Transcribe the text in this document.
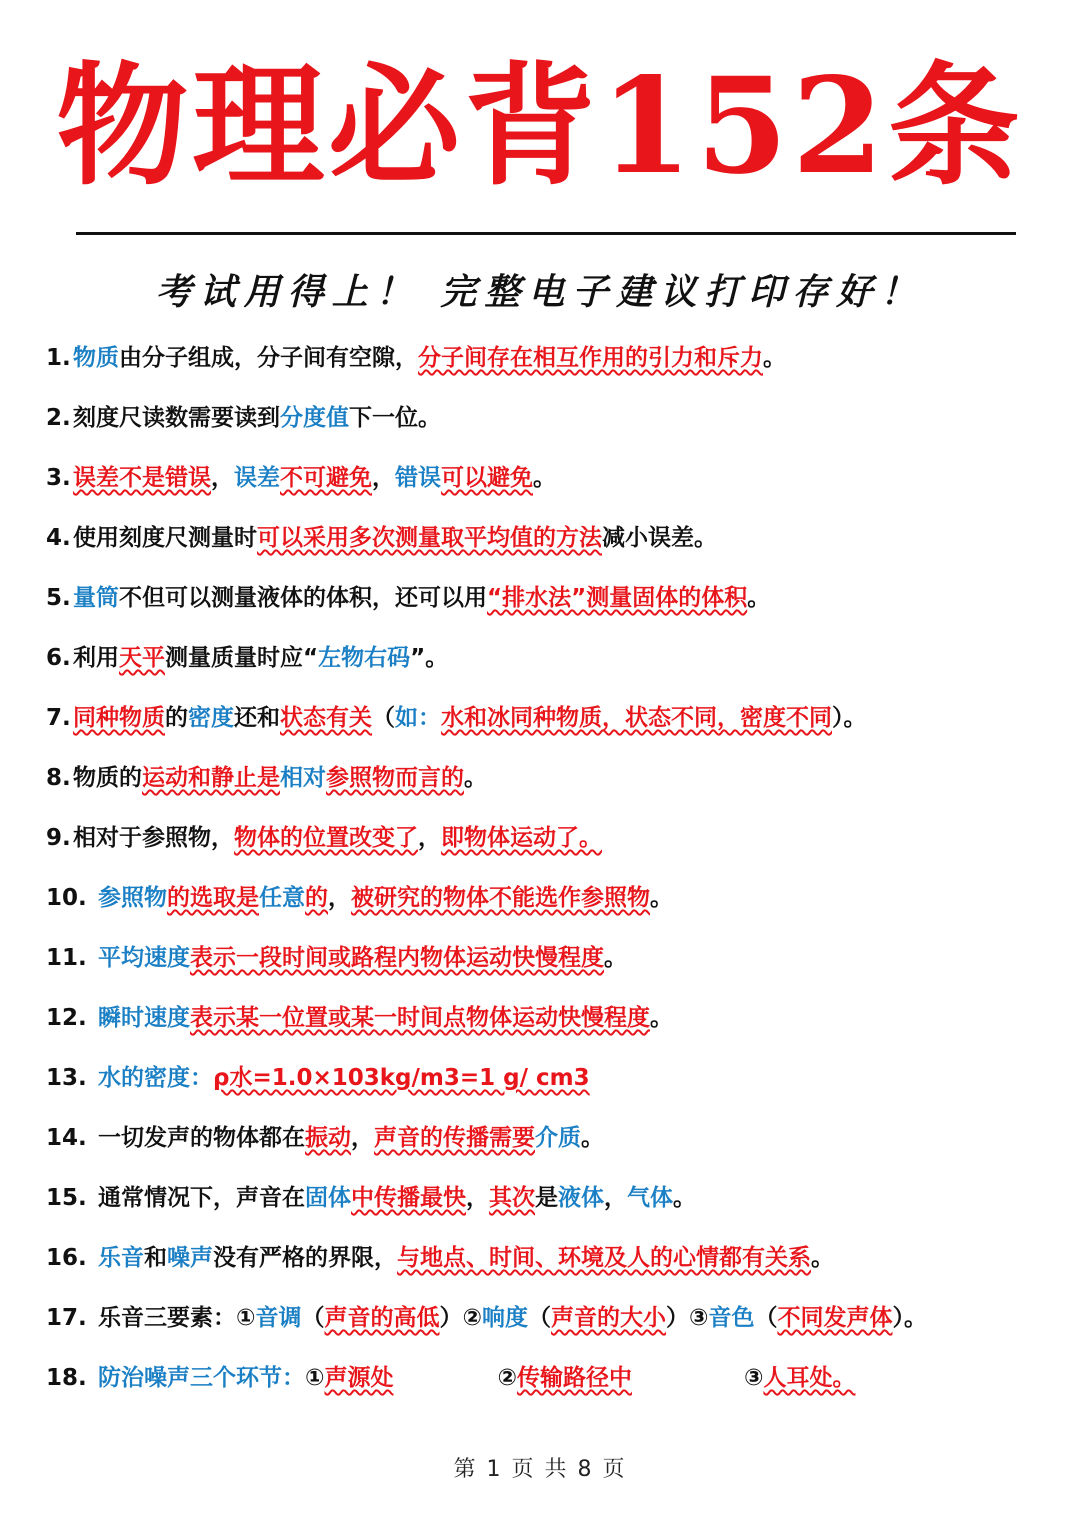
物理必背152条
考试用得上！ 完整电子建议打印存好！
1. 物质由分子组成，分子间有空隙，分子间存在相互作用的引力和斥力。
2. 刻度尺读数需要读到分度值下一位。
3. 误差不是错误，误差不可避免，错误可以避免。
4. 使用刻度尺测量时可以采用多次测量取平均值的方法减小误差。
5. 量筒不但可以测量液体的体积，还可以用“排水法”测量固体的体积。
6. 利用天平测量质量时应“左物右码”。
7. 同种物质的密度还和状态有关（如：水和冰同种物质，状态不同，密度不同）。
8. 物质的运动和静止是相对参照物而言的。
9. 相对于参照物，物体的位置改变了，即物体运动了。
10. 参照物的选取是任意的，被研究的物体不能选作参照物。
11. 平均速度表示一段时间或路程内物体运动快慢程度。
12. 瞬时速度表示某一位置或某一时间点物体运动快慢程度。
13. 水的密度：ρ水=1.0×103kg/m3=1 g/ cm3
14. 一切发声的物体都在振动，声音的传播需要介质。
15. 通常情况下，声音在固体中传播最快，其次是液体，气体。
16. 乐音和噪声没有严格的界限，与地点、时间、环境及人的心情都有关系。
17. 乐音三要素：①音调（声音的高低）②响度（声音的大小）③音色（不同发声体）。
18. 防治噪声三个环节：①声源处	②传输路径中	③人耳处。
第 1 页 共 8 页
